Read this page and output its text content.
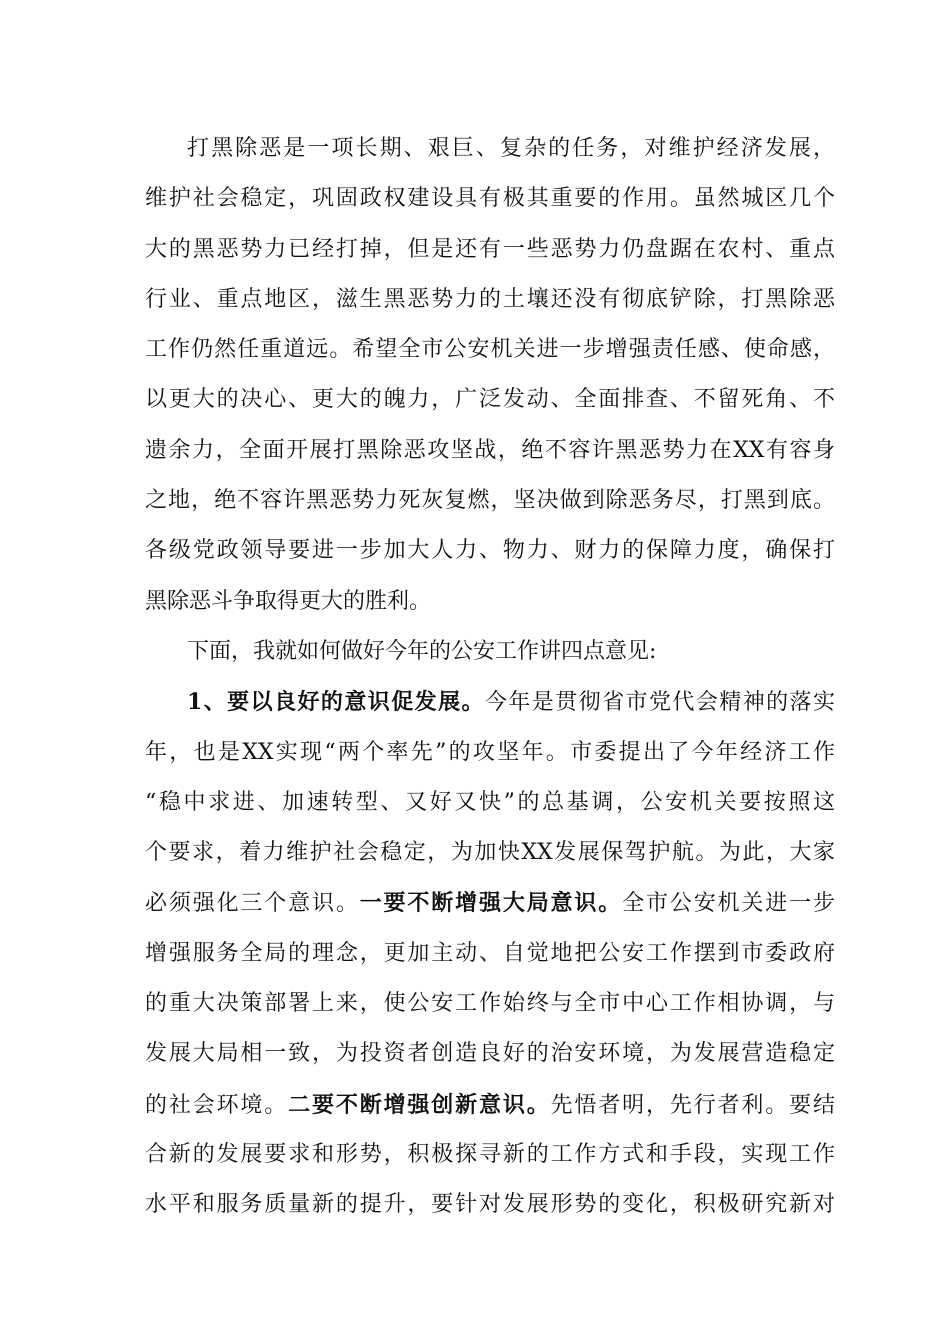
打黑除恶是一项长期、艰巨、复杂的任务，对维护经济发展，
维护社会稳定，巩固政权建设具有极其重要的作用。虽然城区几个
大的黑恶势力已经打掉，但是还有一些恶势力仍盘踞在农村、重点
行业、重点地区，滋生黑恶势力的土壤还没有彻底铲除，打黑除恶
工作仍然任重道远。希望全市公安机关进一步增强责任感、使命感，
以更大的决心、更大的魄力，广泛发动、全面排查、不留死角、不
遗余力，全面开展打黑除恶攻坚战，绝不容许黑恶势力在XX有容身
之地，绝不容许黑恶势力死灰复燃，坚决做到除恶务尽，打黑到底。
各级党政领导要进一步加大人力、物力、财力的保障力度，确保打
黑除恶斗争取得更大的胜利。
下面，我就如何做好今年的公安工作讲四点意见:
1、要以良好的意识促发展。今年是贯彻省市党代会精神的落实
年，也是XX实现“两个率先”的攻坚年。市委提出了今年经济工作
“稳中求进、加速转型、又好又快”的总基调，公安机关要按照这
个要求，着力维护社会稳定，为加快XX发展保驾护航。为此，大家
必须强化三个意识。一要不断增强大局意识。全市公安机关进一步
增强服务全局的理念，更加主动、自觉地把公安工作摆到市委政府
的重大决策部署上来，使公安工作始终与全市中心工作相协调，与
发展大局相一致，为投资者创造良好的治安环境，为发展营造稳定
的社会环境。二要不断增强创新意识。先悟者明，先行者利。要结
合新的发展要求和形势，积极探寻新的工作方式和手段，实现工作
水平和服务质量新的提升，要针对发展形势的变化，积极研究新对
